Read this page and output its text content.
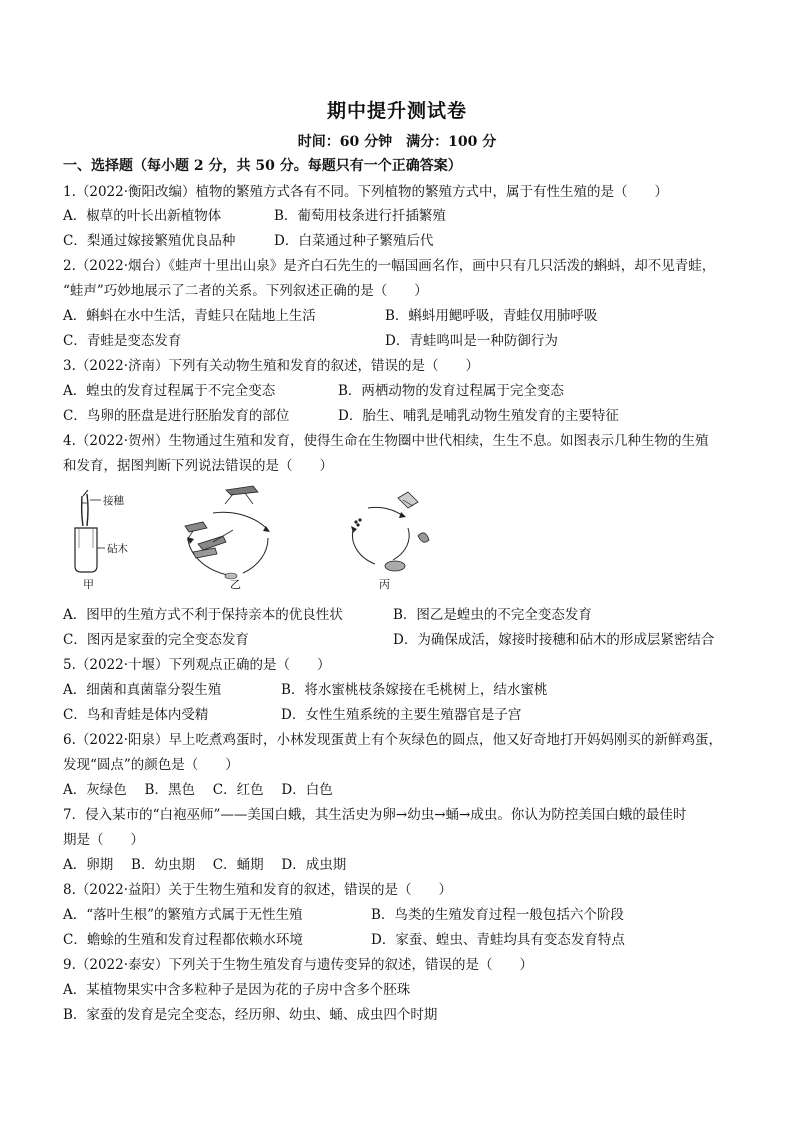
期中提升测试卷
时间：60 分钟　满分：100 分
一、选择题（每小题 2 分，共 50 分。每题只有一个正确答案）
1.（2022·衡阳改编）植物的繁殖方式各有不同。下列植物的繁殖方式中，属于有性生殖的是（　　）
A．椒草的叶长出新植物体	B．葡萄用枝条进行扦插繁殖
C．梨通过嫁接繁殖优良品种	D．白菜通过种子繁殖后代
2.（2022·烟台）《蛙声十里出山泉》是齐白石先生的一幅国画名作，画中只有几只活泼的蝌蚪，却不见青蛙，
“蛙声”巧妙地展示了二者的关系。下列叙述正确的是（　　）
A．蝌蚪在水中生活，青蛙只在陆地上生活	B．蝌蚪用鳃呼吸，青蛙仅用肺呼吸
C．青蛙是变态发育	D．青蛙鸣叫是一种防御行为
3.（2022·济南）下列有关动物生殖和发育的叙述，错误的是（　　）
A．蝗虫的发育过程属于不完全变态	B．两栖动物的发育过程属于完全变态
C．鸟卵的胚盘是进行胚胎发育的部位	D．胎生、哺乳是哺乳动物生殖发育的主要特征
4.（2022·贺州）生物通过生殖和发育，使得生命在生物圈中世代相续，生生不息。如图表示几种生物的生殖
和发育，据图判断下列说法错误的是（　　）
接穗
砧木
甲	乙	丙
A．图甲的生殖方式不利于保持亲本的优良性状	B．图乙是蝗虫的不完全变态发育
C．图丙是家蚕的完全变态发育	D．为确保成活，嫁接时接穗和砧木的形成层紧密结合
5.（2022·十堰）下列观点正确的是（　　）
A．细菌和真菌靠分裂生殖	B．将水蜜桃枝条嫁接在毛桃树上，结水蜜桃
C．鸟和青蛙是体内受精	D．女性生殖系统的主要生殖器官是子宫
6.（2022·阳泉）早上吃煮鸡蛋时，小林发现蛋黄上有个灰绿色的圆点，他又好奇地打开妈妈刚买的新鲜鸡蛋，
发现“圆点”的颜色是（　　）
A．灰绿色　 B．黑色　 C．红色　 D．白色
7．侵入某市的“白袍巫师”——美国白蛾，其生活史为卵→幼虫→蛹→成虫。你认为防控美国白蛾的最佳时
期是（　　）
A．卵期　 B．幼虫期　 C．蛹期　 D．成虫期
8.（2022·益阳）关于生物生殖和发育的叙述，错误的是（　　）
A．“落叶生根”的繁殖方式属于无性生殖	B．鸟类的生殖发育过程一般包括六个阶段
C．蟾蜍的生殖和发育过程都依赖水环境	D．家蚕、蝗虫、青蛙均具有变态发育特点
9.（2022·泰安）下列关于生物生殖发育与遗传变异的叙述，错误的是（　　）
A．某植物果实中含多粒种子是因为花的子房中含多个胚珠
B．家蚕的发育是完全变态，经历卵、幼虫、蛹、成虫四个时期
